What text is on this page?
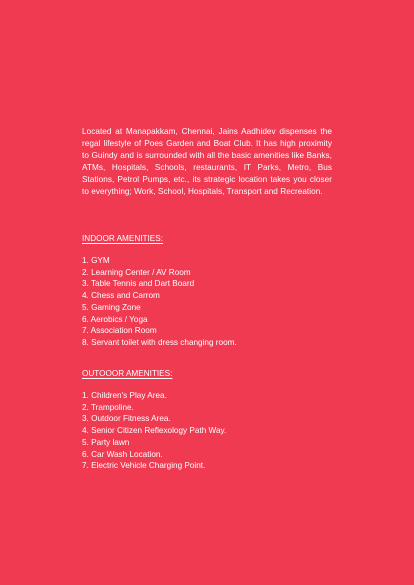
Located at Manapakkam, Chennai, Jains Aadhidev dispenses the regal lifestyle of Poes Garden and Boat Club. It has high proximity to Guindy and is surrounded with all the basic amenities like Banks, ATMs, Hospitals, Schools, restaurants, IT Parks, Metro, Bus Stations, Petrol Pumps, etc., its strategic location takes you closer to everything; Work, School, Hospitals, Transport and Recreation.

INDOOR AMENITIES:

1. GYM
2. Learning Center / AV Room
3. Table Tennis and Dart Board
4. Chess and Carrom
5. Gaming Zone
6. Aerobics / Yoga
7. Association Room
8. Servant toilet with dress changing room.

OUTOOOR AMENITIES:

1. Children's Play Area.
2. Trampoline.
3. Outdoor Fitness Area.
4. Senior Citizen Reflexology Path Way.
5. Party lawn
6. Car Wash Location.
7. Electric Vehicle Charging Point.
